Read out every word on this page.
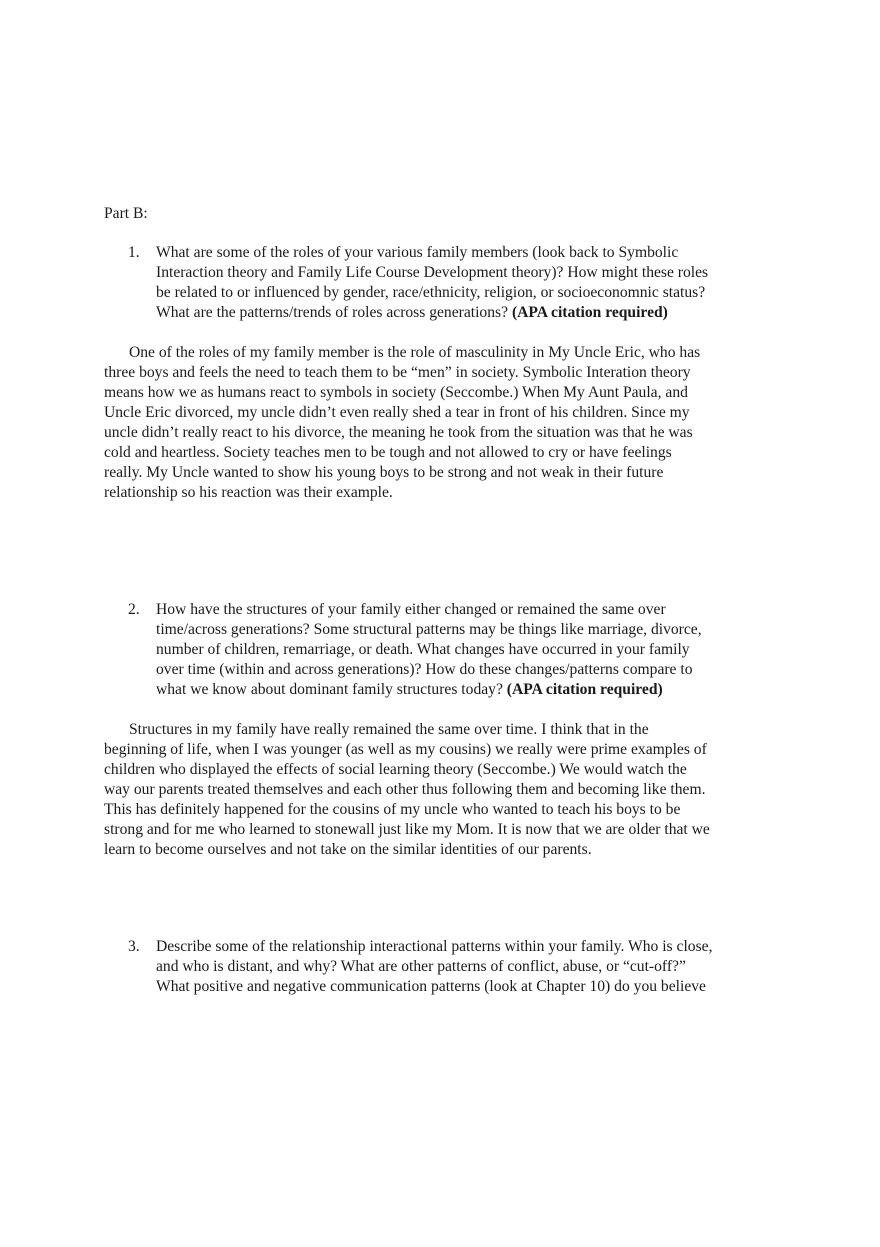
Part B:

1.	What are some of the roles of your various family members (look back to Symbolic
Interaction theory and Family Life Course Development theory)? How might these roles
be related to or influenced by gender, race/ethnicity, religion, or socioeconomnic status?
What are the patterns/trends of roles across generations? (APA citation required)
One of the roles of my family member is the role of masculinity in My Uncle Eric, who has
three boys and feels the need to teach them to be “men” in society. Symbolic Interation theory
means how we as humans react to symbols in society (Seccombe.) When My Aunt Paula, and
Uncle Eric divorced, my uncle didn’t even really shed a tear in front of his children. Since my
uncle didn’t really react to his divorce, the meaning he took from the situation was that he was
cold and heartless. Society teaches men to be tough and not allowed to cry or have feelings
really. My Uncle wanted to show his young boys to be strong and not weak in their future
relationship so his reaction was their example.
2.	How have the structures of your family either changed or remained the same over
time/across generations? Some structural patterns may be things like marriage, divorce,
number of children, remarriage, or death. What changes have occurred in your family
over time (within and across generations)? How do these changes/patterns compare to
what we know about dominant family structures today? (APA citation required)
Structures in my family have really remained the same over time. I think that in the
beginning of life, when I was younger (as well as my cousins) we really were prime examples of
children who displayed the effects of social learning theory (Seccombe.) We would watch the
way our parents treated themselves and each other thus following them and becoming like them.
This has definitely happened for the cousins of my uncle who wanted to teach his boys to be
strong and for me who learned to stonewall just like my Mom. It is now that we are older that we
learn to become ourselves and not take on the similar identities of our parents.
3.	Describe some of the relationship interactional patterns within your family. Who is close,
and who is distant, and why? What are other patterns of conflict, abuse, or “cut-off?”
What positive and negative communication patterns (look at Chapter 10) do you believe
